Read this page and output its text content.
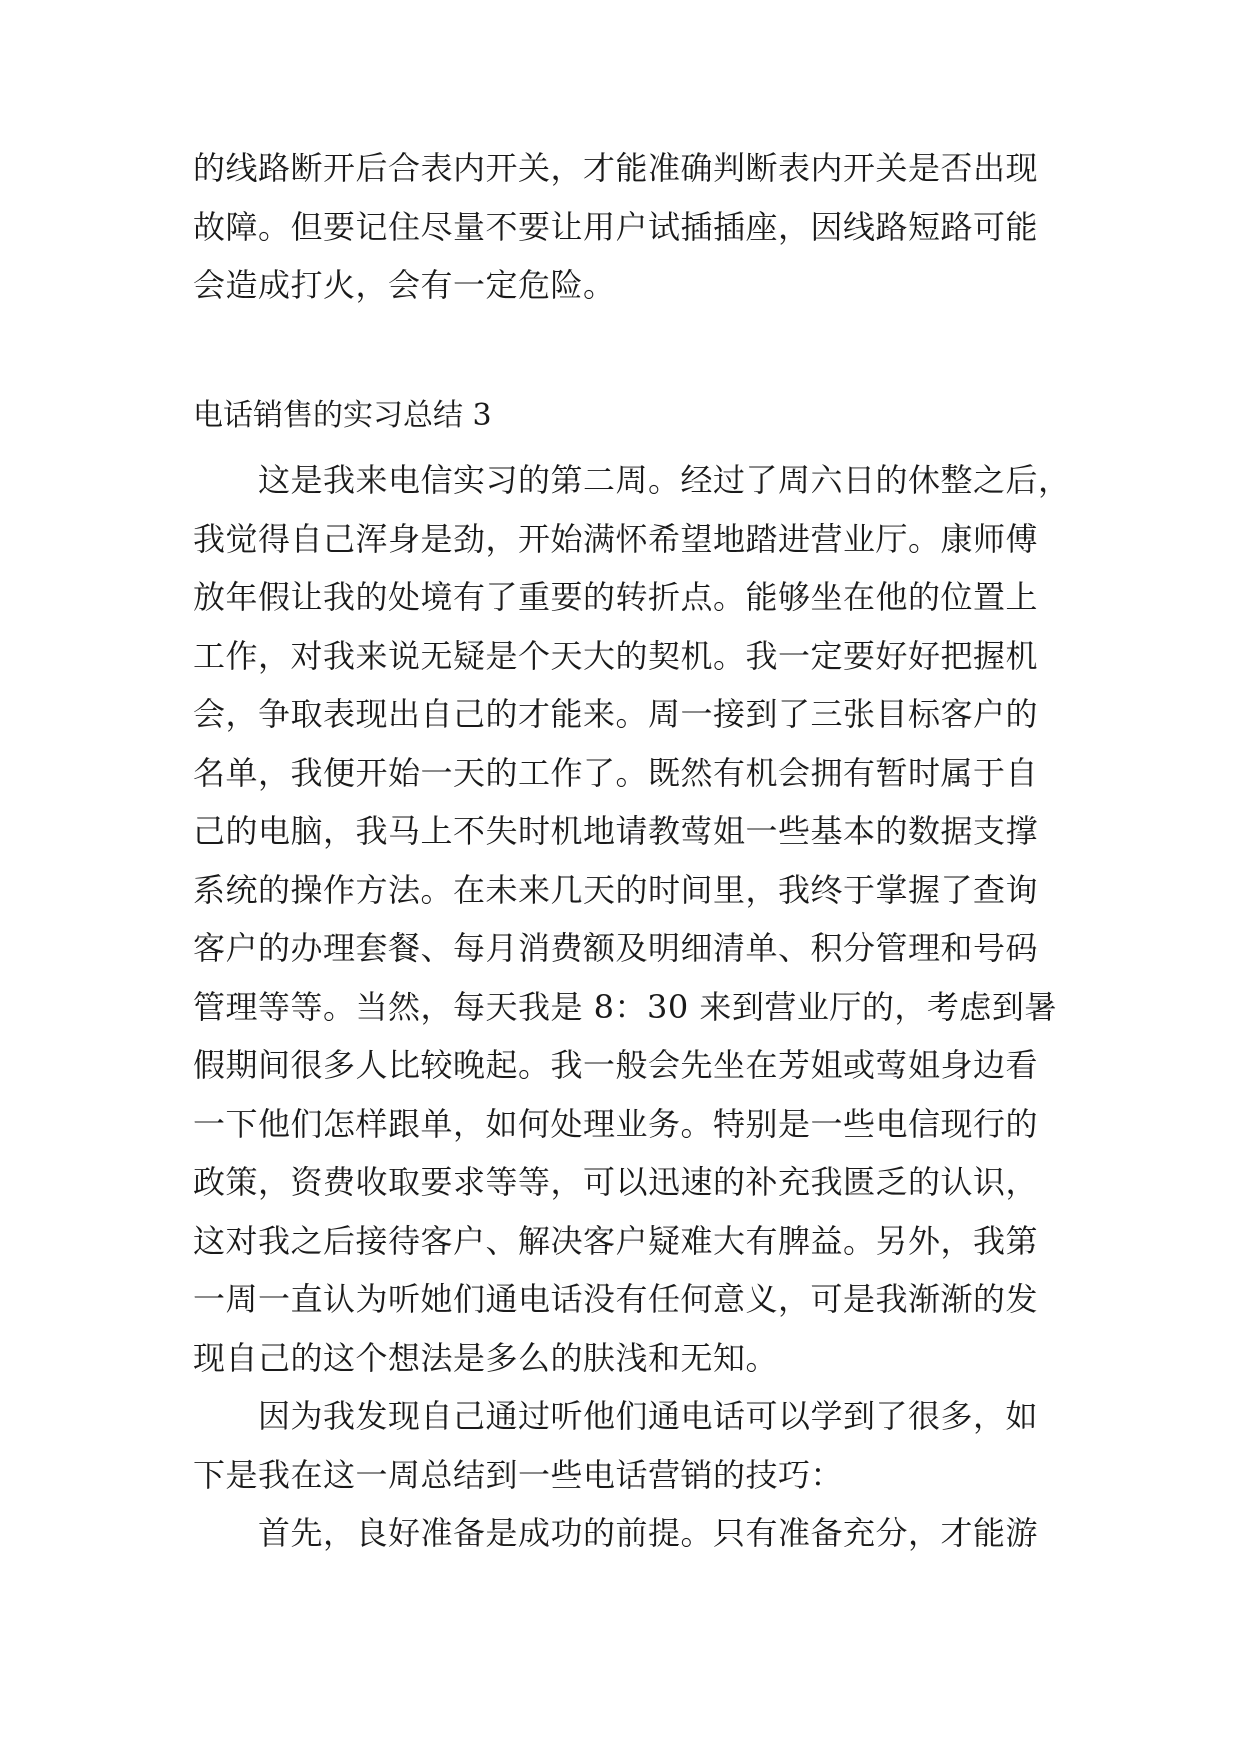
的线路断开后合表内开关，才能准确判断表内开关是否出现
故障。但要记住尽量不要让用户试插插座，因线路短路可能
会造成打火，会有一定危险。
电话销售的实习总结 3
　　这是我来电信实习的第二周。经过了周六日的休整之后，
我觉得自己浑身是劲，开始满怀希望地踏进营业厅。康师傅
放年假让我的处境有了重要的转折点。能够坐在他的位置上
工作，对我来说无疑是个天大的契机。我一定要好好把握机
会，争取表现出自己的才能来。周一接到了三张目标客户的
名单，我便开始一天的工作了。既然有机会拥有暂时属于自
己的电脑，我马上不失时机地请教莺姐一些基本的数据支撑
系统的操作方法。在未来几天的时间里，我终于掌握了查询
客户的办理套餐、每月消费额及明细清单、积分管理和号码
管理等等。当然，每天我是 8：30 来到营业厅的，考虑到暑
假期间很多人比较晚起。我一般会先坐在芳姐或莺姐身边看
一下他们怎样跟单，如何处理业务。特别是一些电信现行的
政策，资费收取要求等等，可以迅速的补充我匮乏的认识，
这对我之后接待客户、解决客户疑难大有脾益。另外，我第
一周一直认为听她们通电话没有任何意义，可是我渐渐的发
现自己的这个想法是多么的肤浅和无知。
　　因为我发现自己通过听他们通电话可以学到了很多，如
下是我在这一周总结到一些电话营销的技巧：
　　首先，良好准备是成功的前提。只有准备充分，才能游
